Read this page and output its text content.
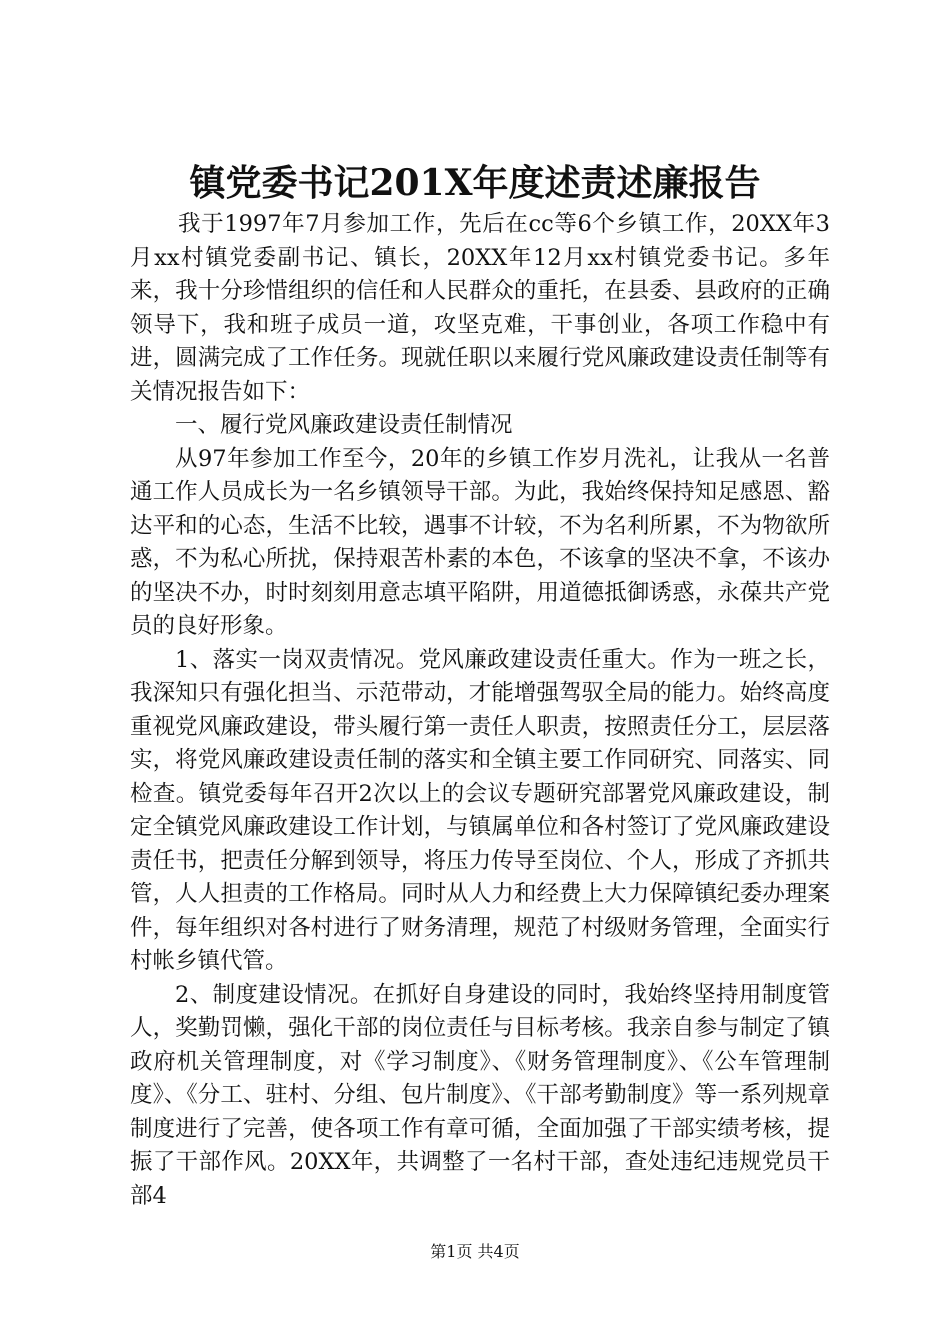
镇党委书记201X年度述责述廉报告

我于1997年7月参加工作，先后在cc等6个乡镇工作，20XX年3月xx村镇党委副书记、镇长，20XX年12月xx村镇党委书记。多年来，我十分珍惜组织的信任和人民群众的重托，在县委、县政府的正确领导下，我和班子成员一道，攻坚克难，干事创业，各项工作稳中有进，圆满完成了工作任务。现就任职以来履行党风廉政建设责任制等有关情况报告如下：

一、履行党风廉政建设责任制情况

从97年参加工作至今，20年的乡镇工作岁月洗礼，让我从一名普通工作人员成长为一名乡镇领导干部。为此，我始终保持知足感恩、豁达平和的心态，生活不比较，遇事不计较，不为名利所累，不为物欲所惑，不为私心所扰，保持艰苦朴素的本色，不该拿的坚决不拿，不该办的坚决不办，时时刻刻用意志填平陷阱，用道德抵御诱惑，永葆共产党员的良好形象。

1、落实一岗双责情况。党风廉政建设责任重大。作为一班之长，我深知只有强化担当、示范带动，才能增强驾驭全局的能力。始终高度重视党风廉政建设，带头履行第一责任人职责，按照责任分工，层层落实，将党风廉政建设责任制的落实和全镇主要工作同研究、同落实、同检查。镇党委每年召开2次以上的会议专题研究部署党风廉政建设，制定全镇党风廉政建设工作计划，与镇属单位和各村签订了党风廉政建设责任书，把责任分解到领导，将压力传导至岗位、个人，形成了齐抓共管，人人担责的工作格局。同时从人力和经费上大力保障镇纪委办理案件，每年组织对各村进行了财务清理，规范了村级财务管理，全面实行村帐乡镇代管。

2、制度建设情况。在抓好自身建设的同时，我始终坚持用制度管人，奖勤罚懒，强化干部的岗位责任与目标考核。我亲自参与制定了镇政府机关管理制度，对《学习制度》、《财务管理制度》、《公车管理制度》、《分工、驻村、分组、包片制度》、《干部考勤制度》等一系列规章制度进行了完善，使各项工作有章可循，全面加强了干部实绩考核，提振了干部作风。20XX年，共调整了一名村干部，查处违纪违规党员干部4

第1页 共4页
